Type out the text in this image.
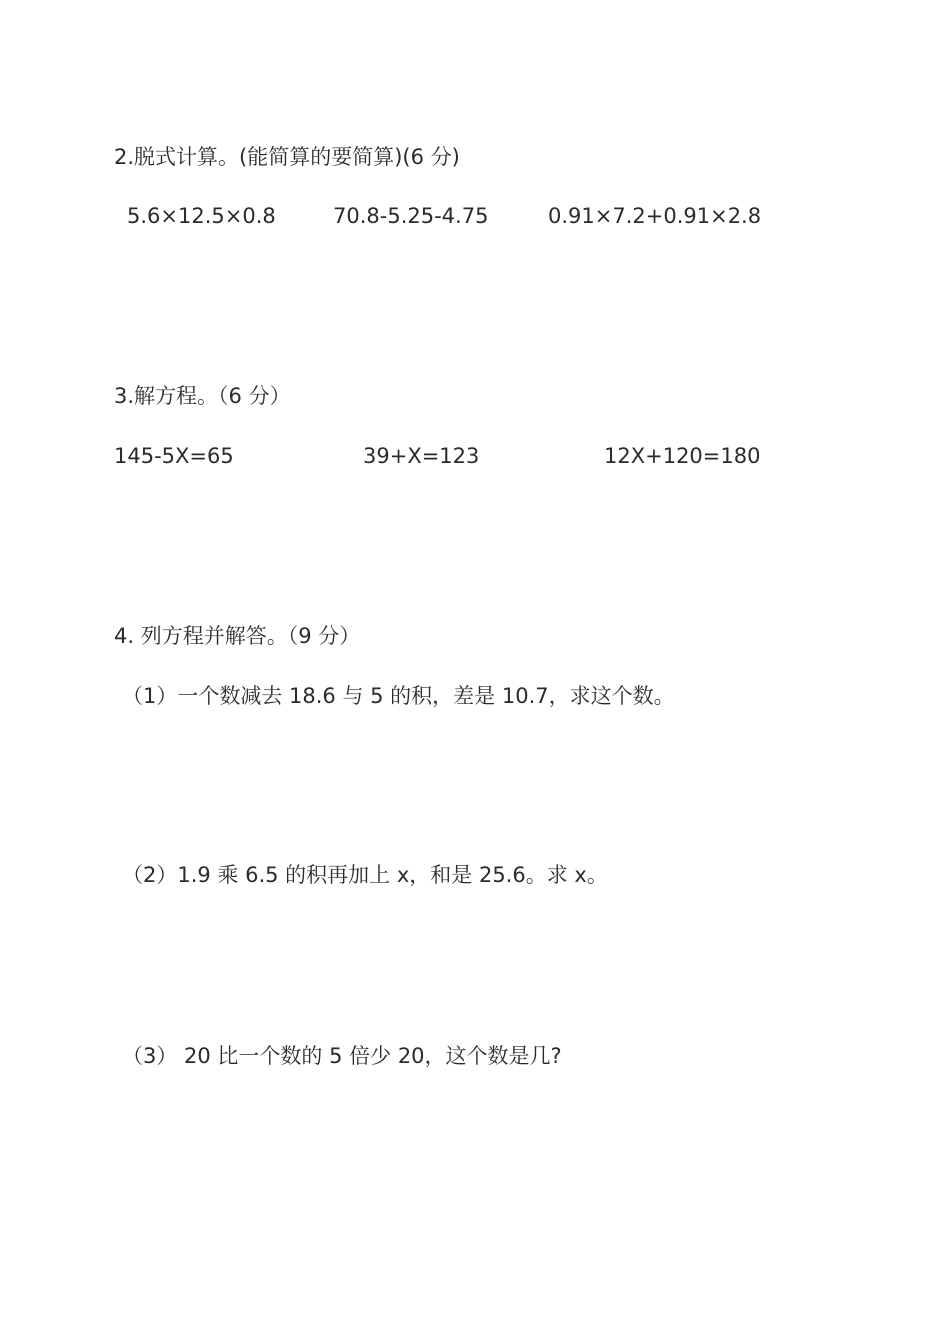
2.脱式计算。(能简算的要简算)(6 分)
5.6×12.5×0.8	70.8-5.25-4.75	0.91×7.2+0.91×2.8
3.解方程。（6 分）
145-5X=65	39+X=123	12X+120=180
4. 列方程并解答。（9 分）
（1）一个数减去 18.6 与 5 的积，差是 10.7，求这个数。
（2）1.9 乘 6.5 的积再加上 x，和是 25.6。求 x。
（3） 20 比一个数的 5 倍少 20，这个数是几?
